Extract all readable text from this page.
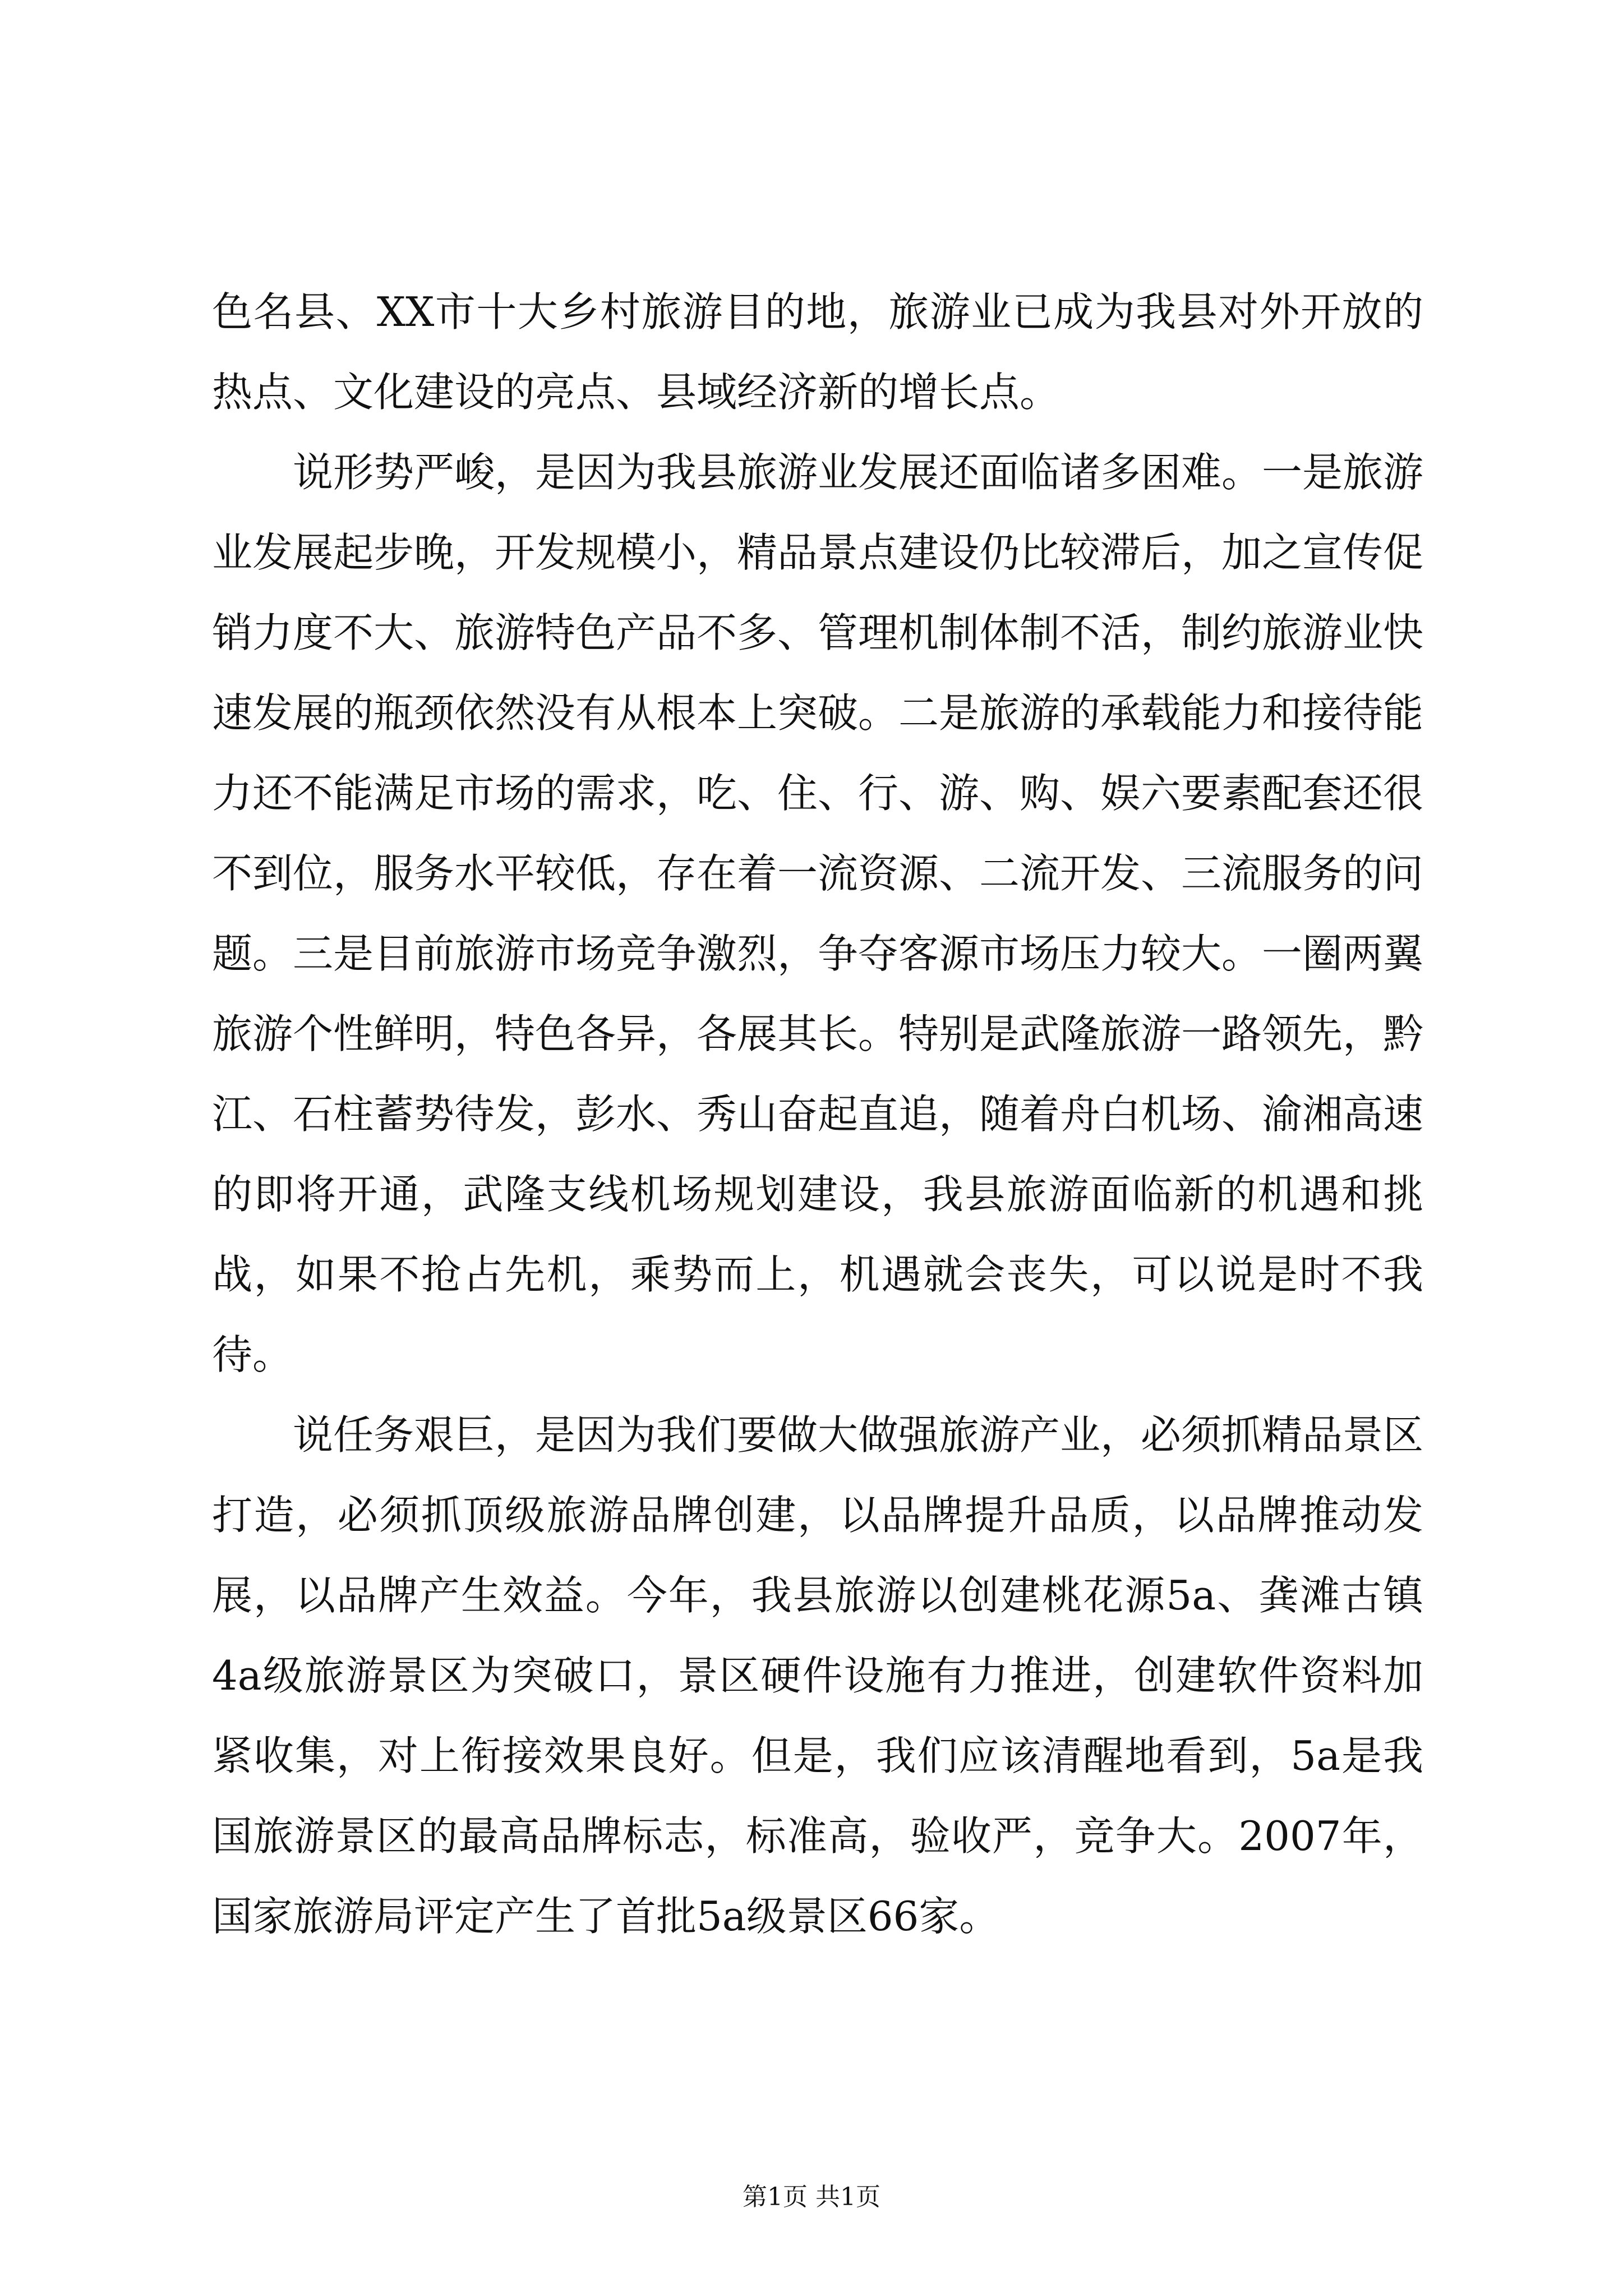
色名县、XX市十大乡村旅游目的地，旅游业已成为我县对外开放的热点、文化建设的亮点、县域经济新的增长点。

说形势严峻，是因为我县旅游业发展还面临诸多困难。一是旅游业发展起步晚，开发规模小，精品景点建设仍比较滞后，加之宣传促销力度不大、旅游特色产品不多、管理机制体制不活，制约旅游业快速发展的瓶颈依然没有从根本上突破。二是旅游的承载能力和接待能力还不能满足市场的需求，吃、住、行、游、购、娱六要素配套还很不到位，服务水平较低，存在着一流资源、二流开发、三流服务的问题。三是目前旅游市场竞争激烈，争夺客源市场压力较大。一圈两翼旅游个性鲜明，特色各异，各展其长。特别是武隆旅游一路领先，黔江、石柱蓄势待发，彭水、秀山奋起直追，随着舟白机场、渝湘高速的即将开通，武隆支线机场规划建设，我县旅游面临新的机遇和挑战，如果不抢占先机，乘势而上，机遇就会丧失，可以说是时不我待。

说任务艰巨，是因为我们要做大做强旅游产业，必须抓精品景区打造，必须抓顶级旅游品牌创建，以品牌提升品质，以品牌推动发展，以品牌产生效益。今年，我县旅游以创建桃花源5a、龚滩古镇4a级旅游景区为突破口，景区硬件设施有力推进，创建软件资料加紧收集，对上衔接效果良好。但是，我们应该清醒地看到，5a是我国旅游景区的最高品牌标志，标准高，验收严，竞争大。2007年，国家旅游局评定产生了首批5a级景区66家。

第1页 共1页
